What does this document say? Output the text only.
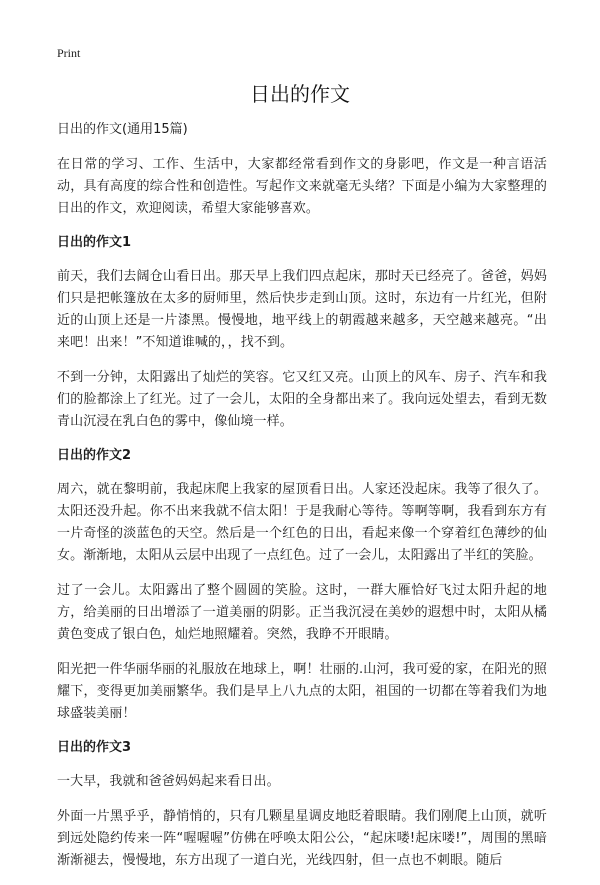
Print
日出的作文

日出的作文(通用15篇)

在日常的学习、工作、生活中，大家都经常看到作文的身影吧，作文是一种言语活动，具有高度的综合性和创造性。写起作文来就毫无头绪？下面是小编为大家整理的日出的作文，欢迎阅读，希望大家能够喜欢。

日出的作文1

前天，我们去阔仓山看日出。那天早上我们四点起床，那时天已经亮了。爸爸，妈妈们只是把帐篷放在太多的厨师里，然后快步走到山顶。这时，东边有一片红光，但附近的山顶上还是一片漆黑。慢慢地，地平线上的朝霞越来越多，天空越来越亮。“出来吧！出来！”不知道谁喊的，，找不到。

不到一分钟，太阳露出了灿烂的笑容。它又红又亮。山顶上的风车、房子、汽车和我们的脸都涂上了红光。过了一会儿，太阳的全身都出来了。我向远处望去，看到无数青山沉浸在乳白色的雾中，像仙境一样。

日出的作文2

周六，就在黎明前，我起床爬上我家的屋顶看日出。人家还没起床。我等了很久了。太阳还没升起。你不出来我就不信太阳！于是我耐心等待。等啊等啊，我看到东方有一片奇怪的淡蓝色的天空。然后是一个红色的日出，看起来像一个穿着红色薄纱的仙女。渐渐地，太阳从云层中出现了一点红色。过了一会儿，太阳露出了半红的笑脸。

过了一会儿。太阳露出了整个圆圆的笑脸。这时，一群大雁恰好飞过太阳升起的地方，给美丽的日出增添了一道美丽的阴影。正当我沉浸在美妙的遐想中时，太阳从橘黄色变成了银白色，灿烂地照耀着。突然，我睁不开眼睛。

阳光把一件华丽华丽的礼服放在地球上，啊！壮丽的.山河，我可爱的家，在阳光的照耀下，变得更加美丽繁华。我们是早上八九点的太阳，祖国的一切都在等着我们为地球盛装美丽！

日出的作文3

一大早，我就和爸爸妈妈起来看日出。

外面一片黑乎乎，静悄悄的，只有几颗星星调皮地眨着眼睛。我们刚爬上山顶，就听到远处隐约传来一阵“喔喔喔”仿佛在呼唤太阳公公，“起床喽!起床喽!”，周围的黑暗渐渐褪去，慢慢地，东方出现了一道白光，光线四射，但一点也不刺眼。随后
